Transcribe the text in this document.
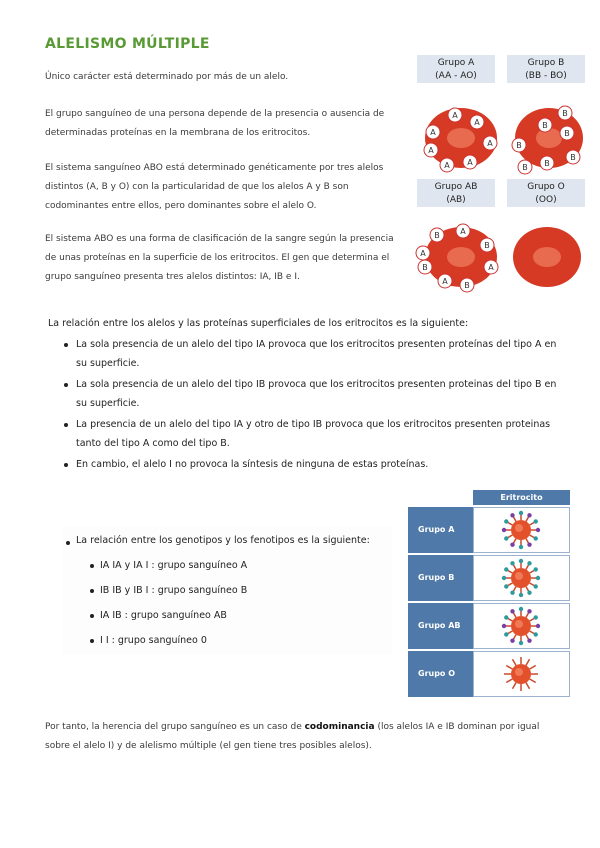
ALELISMO MÚLTIPLE
Único carácter está determinado por más de un alelo.
El grupo sanguíneo de una persona depende de la presencia o ausencia de determinadas proteínas en la membrana de los eritrocitos.
El sistema sanguíneo ABO está determinado genéticamente por tres alelos distintos (A, B y O) con la particularidad de que los alelos A y B son codominantes entre ellos, pero dominantes sobre el alelo O.
El sistema ABO es una forma de clasificación de la sangre según la presencia de unas proteínas en la superficie de los eritrocitos. El gen que determina el grupo sanguíneo presenta tres alelos distintos: IA, IB e I.
Grupo A
(AA - AO)
Grupo B
(BB - BO)
A
A
A
A
A
A
A
B
B
B
B
B
B
B
Grupo AB
(AB)
Grupo O
(OO)
B	A
B
A
B
A
B
A
La relación entre los alelos y las proteínas superficiales de los eritrocitos es la siguiente:
La sola presencia de un alelo del tipo IA provoca que los eritrocitos presenten proteínas del tipo A en su superficie.
La sola presencia de un alelo del tipo IB provoca que los eritrocitos presenten proteinas del tipo B en su superficie.
La presencia de un alelo del tipo IA y otro de tipo IB provoca que los eritrocitos presenten proteinas tanto del tipo A como del tipo B.
En cambio, el alelo I no provoca la síntesis de ninguna de estas proteínas.
La relación entre los genotipos y los fenotipos es la siguiente:
IA IA y IA I : grupo sanguíneo A
IB IB y IB I : grupo sanguíneo B
IA IB : grupo sanguíneo AB
I I : grupo sanguíneo 0
Eritrocito
Grupo A
Grupo B
Grupo AB
Grupo O
Por tanto, la herencia del grupo sanguíneo es un caso de codominancia (los alelos IA e IB dominan por igual sobre el alelo I) y de alelismo múltiple (el gen tiene tres posibles alelos).
